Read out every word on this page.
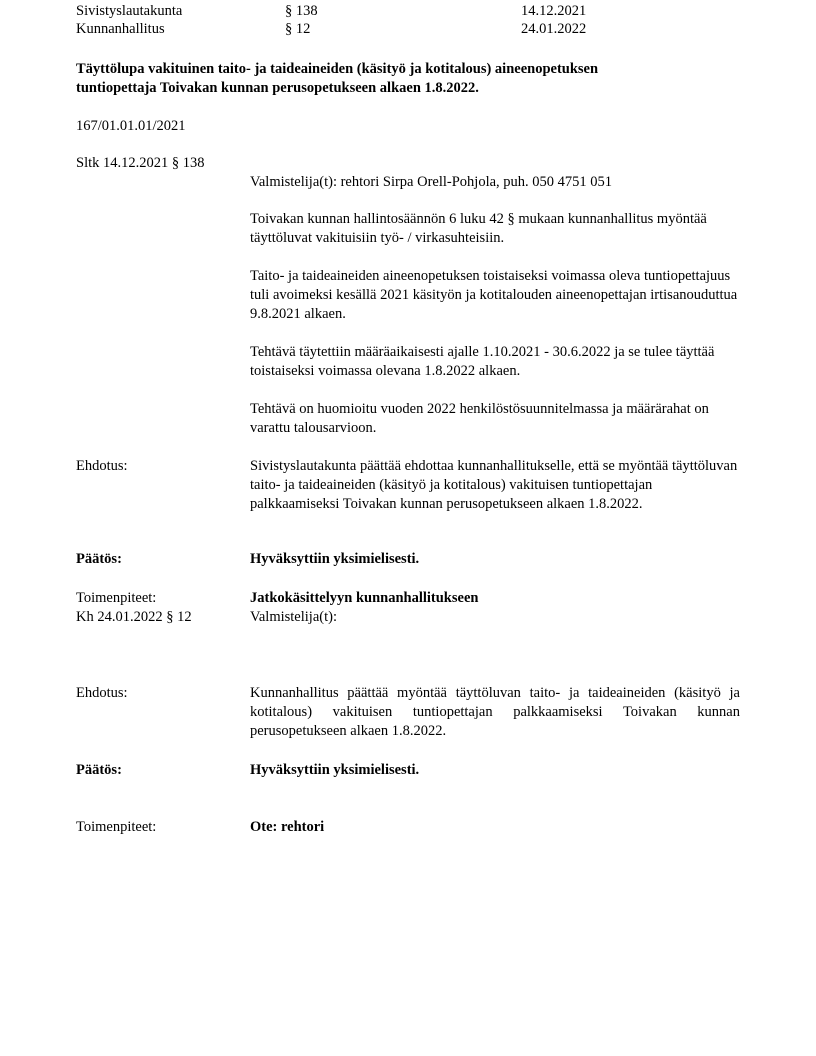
Sivistyslautakunta	§ 138	14.12.2021
Kunnanhallitus	§ 12	24.01.2022
Täyttölupa vakituinen taito- ja taideaineiden (käsityö ja kotitalous) aineenopetuksen tuntiopettaja Toivakan kunnan perusopetukseen alkaen 1.8.2022.
167/01.01.01/2021
Sltk 14.12.2021 § 138
Valmistelija(t): rehtori Sirpa Orell-Pohjola, puh. 050 4751 051

Toivakan kunnan hallintosäännön 6 luku 42 § mukaan kunnanhallitus myöntää täyttöluvat vakituisiin työ- / virkasuhteisiin.

Taito- ja taideaineiden aineenopetuksen toistaiseksi voimassa oleva tuntiopettajuus tuli avoimeksi kesällä 2021 käsityön ja kotitalouden aineenopettajan irtisanouduttua 9.8.2021 alkaen.

Tehtävä täytettiin määräaikaisesti ajalle 1.10.2021 - 30.6.2022 ja se tulee täyttää toistaiseksi voimassa olevana 1.8.2022 alkaen.

Tehtävä on huomioitu vuoden 2022 henkilöstösuunnitelmassa ja määrärahat on varattu talousarvioon.

Ehdotus:	Sivistyslautakunta päättää ehdottaa kunnanhallitukselle, että se myöntää täyttöluvan taito- ja taideaineiden (käsityö ja kotitalous) vakituisen tuntiopettajan palkkaamiseksi Toivakan kunnan perusopetukseen alkaen 1.8.2022.

Päätös:	Hyväksyttiin yksimielisesti.
Toimenpiteet:	Jatkokäsittelyyn kunnanhallitukseen
Kh 24.01.2022 § 12	Valmistelija(t):
Ehdotus:	Kunnanhallitus päättää myöntää täyttöluvan taito- ja taideaineiden (käsityö ja kotitalous) vakituisen tuntiopettajan palkkaamiseksi Toivakan kunnan perusopetukseen alkaen 1.8.2022.

Päätös:	Hyväksyttiin yksimielisesti.
Toimenpiteet:	Ote: rehtori
